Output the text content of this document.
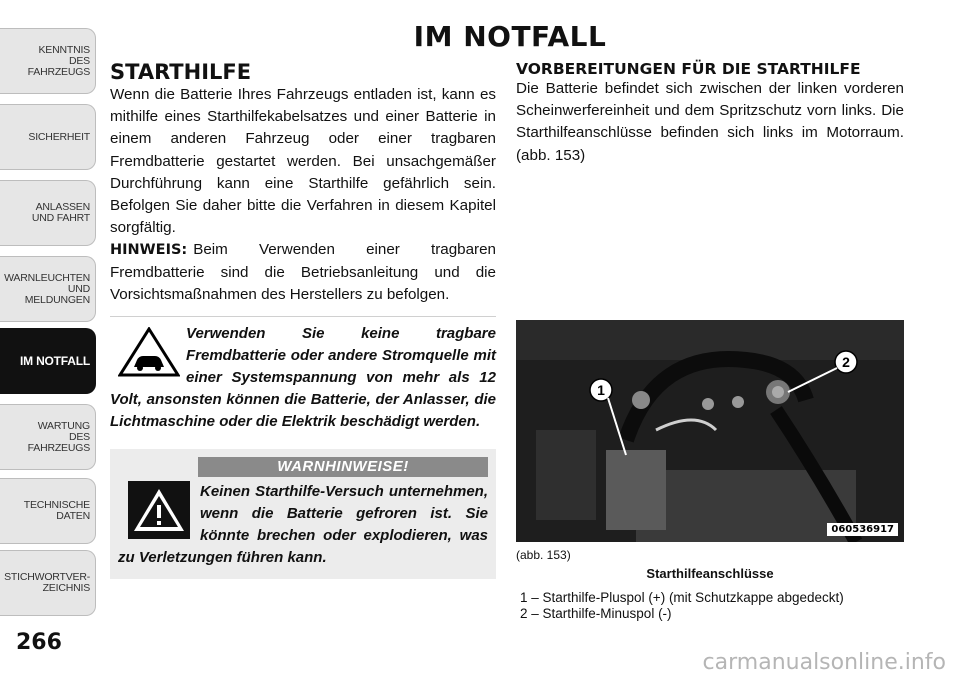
KENNTNIS
DES
FAHRZEUGS
SICHERHEIT
ANLASSEN
UND FAHRT
WARNLEUCHTEN
UND
MELDUNGEN
IM NOTFALL
WARTUNG
DES
FAHRZEUGS
TECHNISCHE
DATEN
STICHWORTVER-
ZEICHNIS
266
IM NOTFALL
STARTHILFE

Wenn die Batterie Ihres Fahrzeugs entladen ist, kann es mithilfe eines Starthilfekabelsatzes und einer Batterie in einem anderen Fahrzeug oder einer tragbaren Fremdbatterie gestartet werden. Bei unsachgemäßer Durchführung kann eine Starthilfe gefährlich sein. Befolgen Sie daher bitte die Verfahren in diesem Kapitel sorgfältig.

HINWEIS: Beim Verwenden einer tragbaren Fremdbatterie sind die Betriebsanleitung und die Vorsichtsmaßnahmen des Herstellers zu befolgen.

Verwenden Sie keine tragbare Fremdbatterie oder andere Stromquelle mit einer Systemspannung von mehr als 12 Volt, ansonsten können die Batterie, der Anlasser, die Lichtmaschine oder die Elektrik beschädigt werden.

WARNHINWEISE!

Keinen Starthilfe-Versuch unternehmen, wenn die Batterie gefroren ist. Sie könnte brechen oder explodieren, was zu Verletzungen führen kann.

VORBEREITUNGEN FÜR DIE STARTHILFE

Die Batterie befindet sich zwischen der linken vorderen Scheinwerfereinheit und dem Spritzschutz vorn links. Die Starthilfeanschlüsse befinden sich links im Motorraum. (abb. 153)

1
2
060536917
(abb. 153)
Starthilfeanschlüsse
1 – Starthilfe-Pluspol (+) (mit Schutzkappe abgedeckt)
2 – Starthilfe-Minuspol (-)
carmanualsonline.info
